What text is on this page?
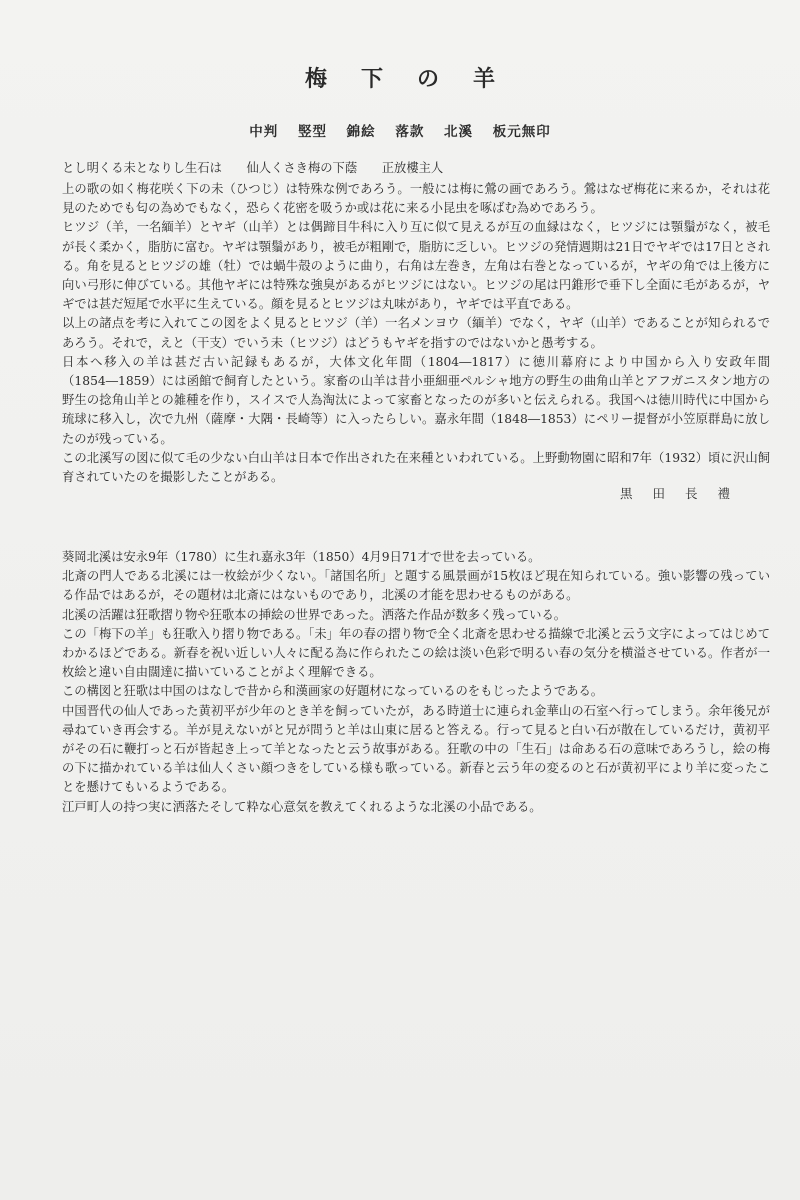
梅下の羊
中判 竪型 錦絵 落款 北溪 板元無印
とし明くる未となりし生石は　　仙人くさき梅の下蔭　　正放樓主人

上の歌の如く梅花咲く下の未（ひつじ）は特殊な例であろう。一般には梅に鶯の画であろう。鶯はなぜ梅花に来るか，それは花見のためでも匂の為めでもなく，恐らく花密を吸うか或は花に来る小昆虫を啄ばむ為めであろう。

ヒツジ（羊，一名緬羊）とヤギ（山羊）とは偶蹄目牛科に入り互に似て見えるが互の血縁はなく，ヒツジには顎鬚がなく，被毛が長く柔かく，脂肪に富む。ヤギは顎鬚があり，被毛が粗剛で，脂肪に乏しい。ヒツジの発情週期は21日でヤギでは17日とされる。角を見るとヒツジの雄（牡）では蝸牛殻のように曲り，右角は左巻き，左角は右巻となっているが，ヤギの角では上後方に向い弓形に伸びている。其他ヤギには特殊な強臭があるがヒツジにはない。ヒツジの尾は円錐形で垂下し全面に毛があるが，ヤギでは甚だ短尾で水平に生えている。顔を見るとヒツジは丸味があり，ヤギでは平直である。

以上の諸点を考に入れてこの図をよく見るとヒツジ（羊）一名メンヨウ（緬羊）でなく，ヤギ（山羊）であることが知られるであろう。それで，えと（干支）でいう未（ヒツジ）はどうもヤギを指すのではないかと愚考する。

日本へ移入の羊は甚だ古い記録もあるが，大体文化年間（1804―1817）に徳川幕府により中国から入り安政年間（1854―1859）には函館で飼育したという。家畜の山羊は昔小亜細亜ペルシャ地方の野生の曲角山羊とアフガニスタン地方の野生の捻角山羊との雑種を作り，スイスで人為淘汰によって家畜となったのが多いと伝えられる。我国へは徳川時代に中国から琉球に移入し，次で九州（薩摩・大隅・長崎等）に入ったらしい。嘉永年間（1848―1853）にペリー提督が小笠原群島に放したのが残っている。

この北溪写の図に似て毛の少ない白山羊は日本で作出された在来種といわれている。上野動物園に昭和7年（1932）頃に沢山飼育されていたのを撮影したことがある。

黒田長禮

葵岡北溪は安永9年（1780）に生れ嘉永3年（1850）4月9日71才で世を去っている。

北斎の門人である北溪には一枚絵が少くない。「諸国名所」と題する風景画が15枚ほど現在知られている。強い影響の残っている作品ではあるが，その題材は北斎にはないものであり，北溪の才能を思わせるものがある。

北溪の活躍は狂歌摺り物や狂歌本の挿絵の世界であった。洒落た作品が数多く残っている。

この「梅下の羊」も狂歌入り摺り物である。「未」年の春の摺り物で全く北斎を思わせる描線で北溪と云う文字によってはじめてわかるほどである。新春を祝い近しい人々に配る為に作られたこの絵は淡い色彩で明るい春の気分を横溢させている。作者が一枚絵と違い自由闊達に描いていることがよく理解できる。

この構図と狂歌は中国のはなしで昔から和漢画家の好題材になっているのをもじったようである。

中国晋代の仙人であった黄初平が少年のとき羊を飼っていたが，ある時道士に連られ金華山の石室へ行ってしまう。余年後兄が尋ねていき再会する。羊が見えないがと兄が問うと羊は山東に居ると答える。行って見ると白い石が散在しているだけ，黄初平がその石に鞭打っと石が皆起き上って羊となったと云う故事がある。狂歌の中の「生石」は命ある石の意味であろうし，絵の梅の下に描かれている羊は仙人くさい顔つきをしている様も歌っている。新春と云う年の変るのと石が黄初平により羊に変ったことを懸けてもいるようである。

江戸町人の持つ実に洒落たそして粋な心意気を教えてくれるような北溪の小品である。
